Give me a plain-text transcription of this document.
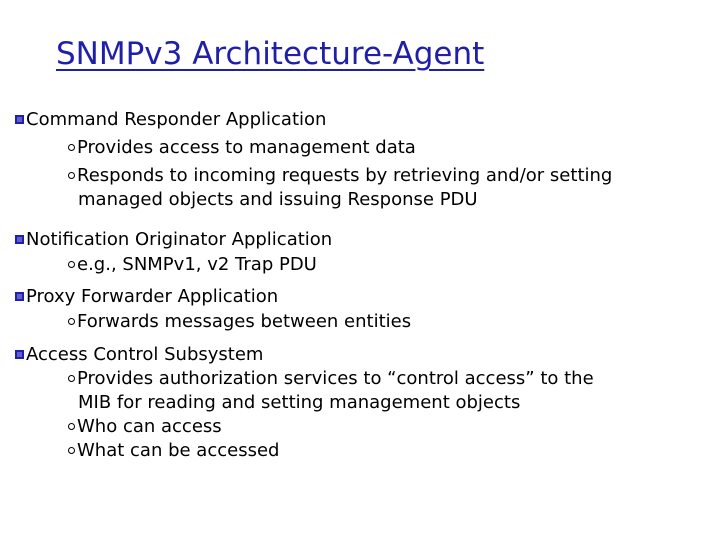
SNMPv3 Architecture-Agent
Command Responder Application
Provides access to management data
Responds to incoming requests by retrieving and/or setting
managed objects and issuing Response PDU
Notification Originator Application
e.g., SNMPv1, v2 Trap PDU
Proxy Forwarder Application
Forwards messages between entities
Access Control Subsystem
Provides authorization services to “control access” to the
MIB for reading and setting management objects
Who can access
What can be accessed
